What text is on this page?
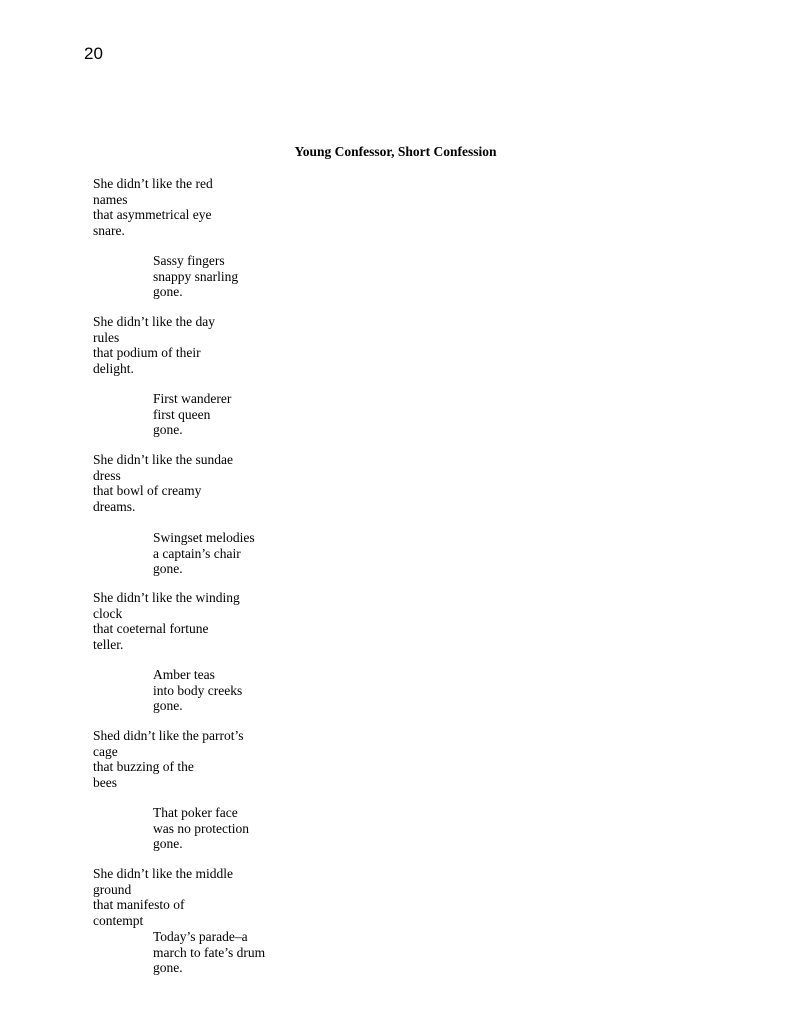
20
Young Confessor, Short Confession
She didn’t like the red
names
that asymmetrical eye
snare.
Sassy fingers
snappy snarling
gone.
She didn’t like the day
rules
that podium of their
delight.
First wanderer
first queen
gone.
She didn’t like the sundae
dress
that bowl of creamy
dreams.
Swingset melodies
a captain’s chair
gone.
She didn’t like the winding
clock
that coeternal fortune
teller.
Amber teas
into body creeks
gone.
Shed didn’t like the parrot’s
cage
that buzzing of the
bees
That poker face
was no protection
gone.
She didn’t like the middle
ground
that manifesto of
contempt
Today’s parade–a
march to fate’s drum
gone.
